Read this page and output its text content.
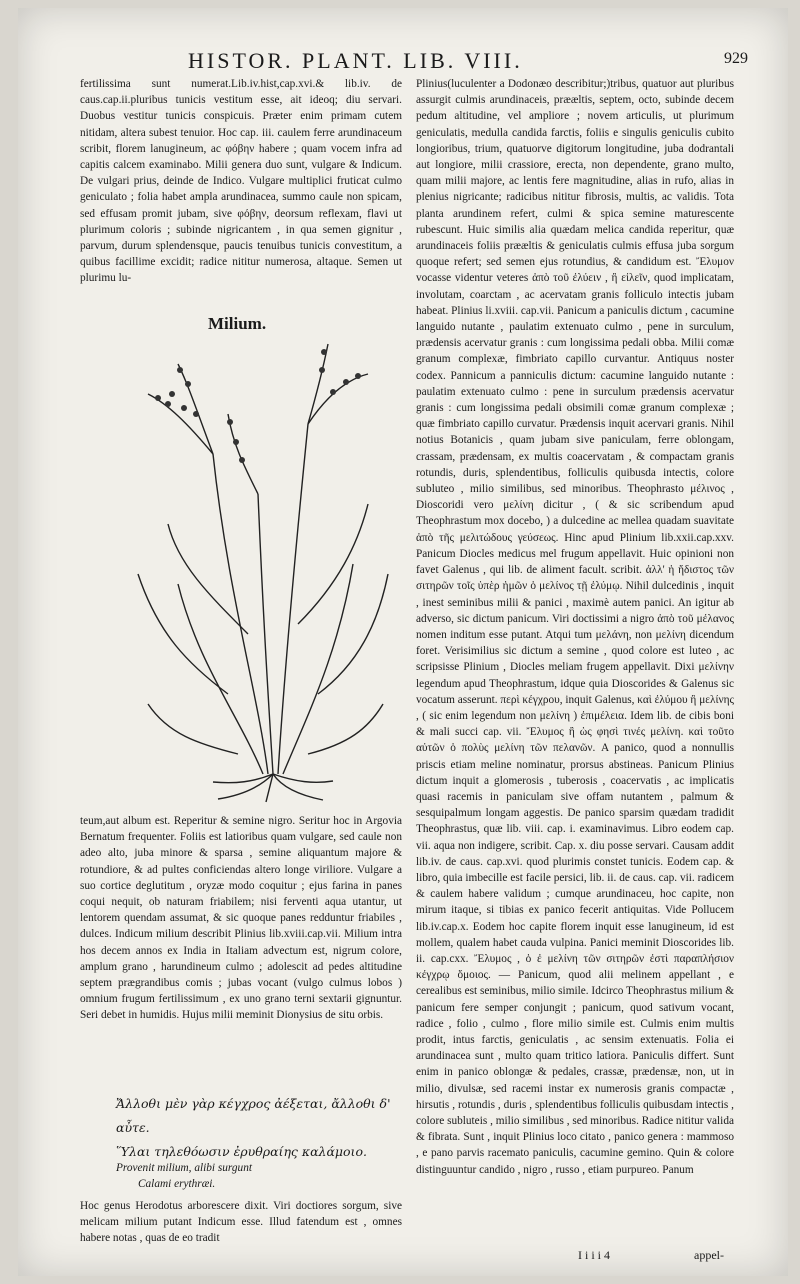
HISTOR. PLANT. LIB. VIII.	929

fertilissima sunt numerat.Lib.iv.hist,cap.xvi.& lib.iv. de caus.cap.ii.pluribus tunicis vestitum esse, ait ideoq; diu servari. Duobus vestitur tunicis conspicuis. Præter enim primam cutem nitidam, altera subest tenuior. Hoc cap. iii. caulem ferre arundinaceum scribit, florem lanugineum, ac φόβην habere ; quam vocem infra ad capitis calcem examinabo. Milii genera duo sunt, vulgare & Indicum. De vulgari prius, deinde de Indico. Vulgare multiplici fruticat culmo geniculato ; folia habet ampla arundinacea, summo caule non spicam, sed effusam promit jubam, sive φόβην, deorsum reflexam, flavi ut plurimum coloris ; subinde nigricantem , in qua semen gignitur , parvum, durum splendensque, paucis tenuibus tunicis convestitum, a quibus facillime excidit; radice nititur numerosa, altaque. Semen ut plurimu lu-

Milium.

teum,aut album est. Reperitur & semine nigro. Seritur hoc in Argovia Bernatum frequenter. Foliis est latioribus quam vulgare, sed caule non adeo alto, juba minore & sparsa , semine aliquantum majore & rotundiore, & ad pultes conficiendas altero longe viriliore. Vulgare a suo cortice deglutitum , oryzæ modo coquitur ; ejus farina in panes coqui nequit, ob naturam friabilem; nisi ferventi aqua utantur, ut lentorem quendam assumat, & sic quoque panes redduntur friabiles , dulces. Indicum milium describit Plinius lib.xviii.cap.vii. Milium intra hos decem annos ex India in Italiam advectum est, nigrum colore, amplum grano , harundineum culmo ; adolescit ad pedes altitudine septem prægrandibus comis ; jubas vocant (vulgo culmus lobos ) omnium frugum fertilissimum , ex uno grano terni sextarii gignuntur. Seri debet in humidis. Hujus milii meminit Dionysius de situ orbis.

Ἄλλοθι μὲν γὰρ κέγχρος ἀέξεται, ἄλλοθι δ' αὖτε.
Ὕλαι τηλεθόωσιν ἐρυθραίης καλάμοιο.
Provenit milium, alibi surgunt
Calami erythræi.

Hoc genus Herodotus arborescere dixit. Viri doctiores sorgum, sive melicam milium putant Indicum esse. Illud fatendum est , omnes habere notas , quas de eo tradit

Plinius(luculenter a Dodonæo describitur;)tribus, quatuor aut pluribus assurgit culmis arundinaceis, prææltis, septem, octo, subinde decem pedum altitudine, vel ampliore ; novem articulis, ut plurimum geniculatis, medulla candida farctis, foliis e singulis geniculis cubito longioribus, trium, quatuorve digitorum longitudine, juba dodrantali aut longiore, milii crassiore, erecta, non dependente, grano multo, quam milii majore, ac lentis fere magnitudine, alias in rufo, alias in plenius nigricante; radicibus nititur fibrosis, multis, ac validis. Tota planta arundinem refert, culmi & spica semine maturescente rubescunt. Huic similis alia quædam melica candida reperitur, quæ arundinaceis foliis prææltis & geniculatis culmis effusa juba sorgum quoque refert; sed semen ejus rotundius, & candidum est. Ἔλυμον vocasse videntur veteres ἀπὸ τοῦ ἐλύειν , ἢ εἰλεῖν, quod implicatam, involutam, coarctam , ac acervatam granis folliculo intectis jubam habeat. Plinius li.xviii. cap.vii. Panicum a paniculis dictum , cacumine languido nutante , paulatim extenuato culmo , pene in surculum, prædensis acervatur granis : cum longissima pedali obba. Milii comæ granum complexæ, fimbriato capillo curvantur. Antiquus noster codex. Pannicum a panniculis dictum: cacumine languido nutante : paulatim extenuato culmo : pene in surculum prædensis acervatur granis : cum longissima pedali obsimili comæ granum complexæ ; quæ fimbriato capillo curvatur. Prædensis inquit acervari granis. Nihil notius Botanicis , quam jubam sive paniculam, ferre oblongam, crassam, prædensam, ex multis coacervatam , & compactam granis rotundis, duris, splendentibus, folliculis quibusda intectis, colore subluteo , milio similibus, sed minoribus. Theophrasto μέλινος , Dioscoridi vero μελίνη dicitur , ( & sic scribendum apud Theophrastum mox docebo, ) a dulcedine ac mellea quadam suavitate ἀπὸ τῆς μελιτώδους γεύσεως. Hinc apud Plinium lib.xxii.cap.xxv. Panicum Diocles medicus mel frugum appellavit. Huic opinioni non favet Galenus , qui lib. de aliment facult. scribit. ἀλλ' ἡ ἥδιστος τῶν σιτηρῶν τοῖς ὑπὲρ ἡμῶν ὁ μελίνος τῇ ἐλύμῳ. Nihil dulcedinis , inquit , inest seminibus milii & panici , maximè autem panici. An igitur ab adverso, sic dictum panicum. Viri doctissimi a nigro ἀπὸ τοῦ μέλανος nomen inditum esse putant. Atqui tum μελάνη, non μελίνη dicendum foret. Verisimilius sic dictum a semine , quod colore est luteo , ac scripsisse Plinium , Diocles meliam frugem appellavit. Dixi μελίνην legendum apud Theophrastum, idque quia Dioscorides & Galenus sic vocatum asserunt. περὶ κέγχρου, inquit Galenus, καὶ ἐλύμου ἢ μελίνης , ( sic enim legendum non μελίνη ) ἐπιμέλεια. Idem lib. de cibis boni & mali succi cap. vii. Ἔλυμος ἢ ὡς φησὶ τινές μελίνη. καὶ τοῦτο αὐτῶν ὁ πολὺς μελίνη τῶν πελανῶν. A panico, quod a nonnullis priscis etiam meline nominatur, prorsus abstineas. Panicum Plinius dictum inquit a glomerosis , tuberosis , coacervatis , ac implicatis quasi racemis in paniculam sive offam nutantem , palmum & sesquipalmum longam aggestis. De panico sparsim quædam tradidit Theophrastus, quæ lib. viii. cap. i. examinavimus. Libro eodem cap. vii. aqua non indigere, scribit. Cap. x. diu posse servari. Causam addit lib.iv. de caus. cap.xvi. quod plurimis constet tunicis. Eodem cap. & libro, quia imbecille est facile persici, lib. ii. de caus. cap. vii. radicem & caulem habere validum ; cumque arundinaceu, hoc capite, non mirum itaque, si tibias ex panico fecerit antiquitas. Vide Pollucem lib.iv.cap.x. Eodem hoc capite florem inquit esse lanugineum, id est mollem, qualem habet cauda vulpina. Panici meminit Dioscorides lib. ii. cap.cxx. Ἔλυμος , ὁ ἐ μελίνη τῶν σιτηρῶν ἐστὶ παραπλήσιον κέγχρῳ ὅμοιος. — Panicum, quod alii melinem appellant , e cerealibus est seminibus, milio simile. Idcirco Theophrastus milium & panicum fere semper conjungit ; panicum, quod sativum vocant, radice , folio , culmo , flore milio simile est. Culmis enim multis prodit, intus farctis, geniculatis , ac sensim extenuatis. Folia ei arundinacea sunt , multo quam tritico latiora. Paniculis differt. Sunt enim in panico oblongæ & pedales, crassæ, prædensæ, non, ut in milio, divulsæ, sed racemi instar ex numerosis granis compactæ , hirsutis , rotundis , duris , splendentibus folliculis quibusdam intectis , colore subluteis , milio similibus , sed minoribus. Radice nititur valida & fibrata. Sunt , inquit Plinius loco citato , panico genera : mammoso , e pano parvis racemato paniculis, cacumine gemino. Quin & colore distinguuntur candido , nigro , russo , etiam purpureo. Panum

I i i i 4	appel-
